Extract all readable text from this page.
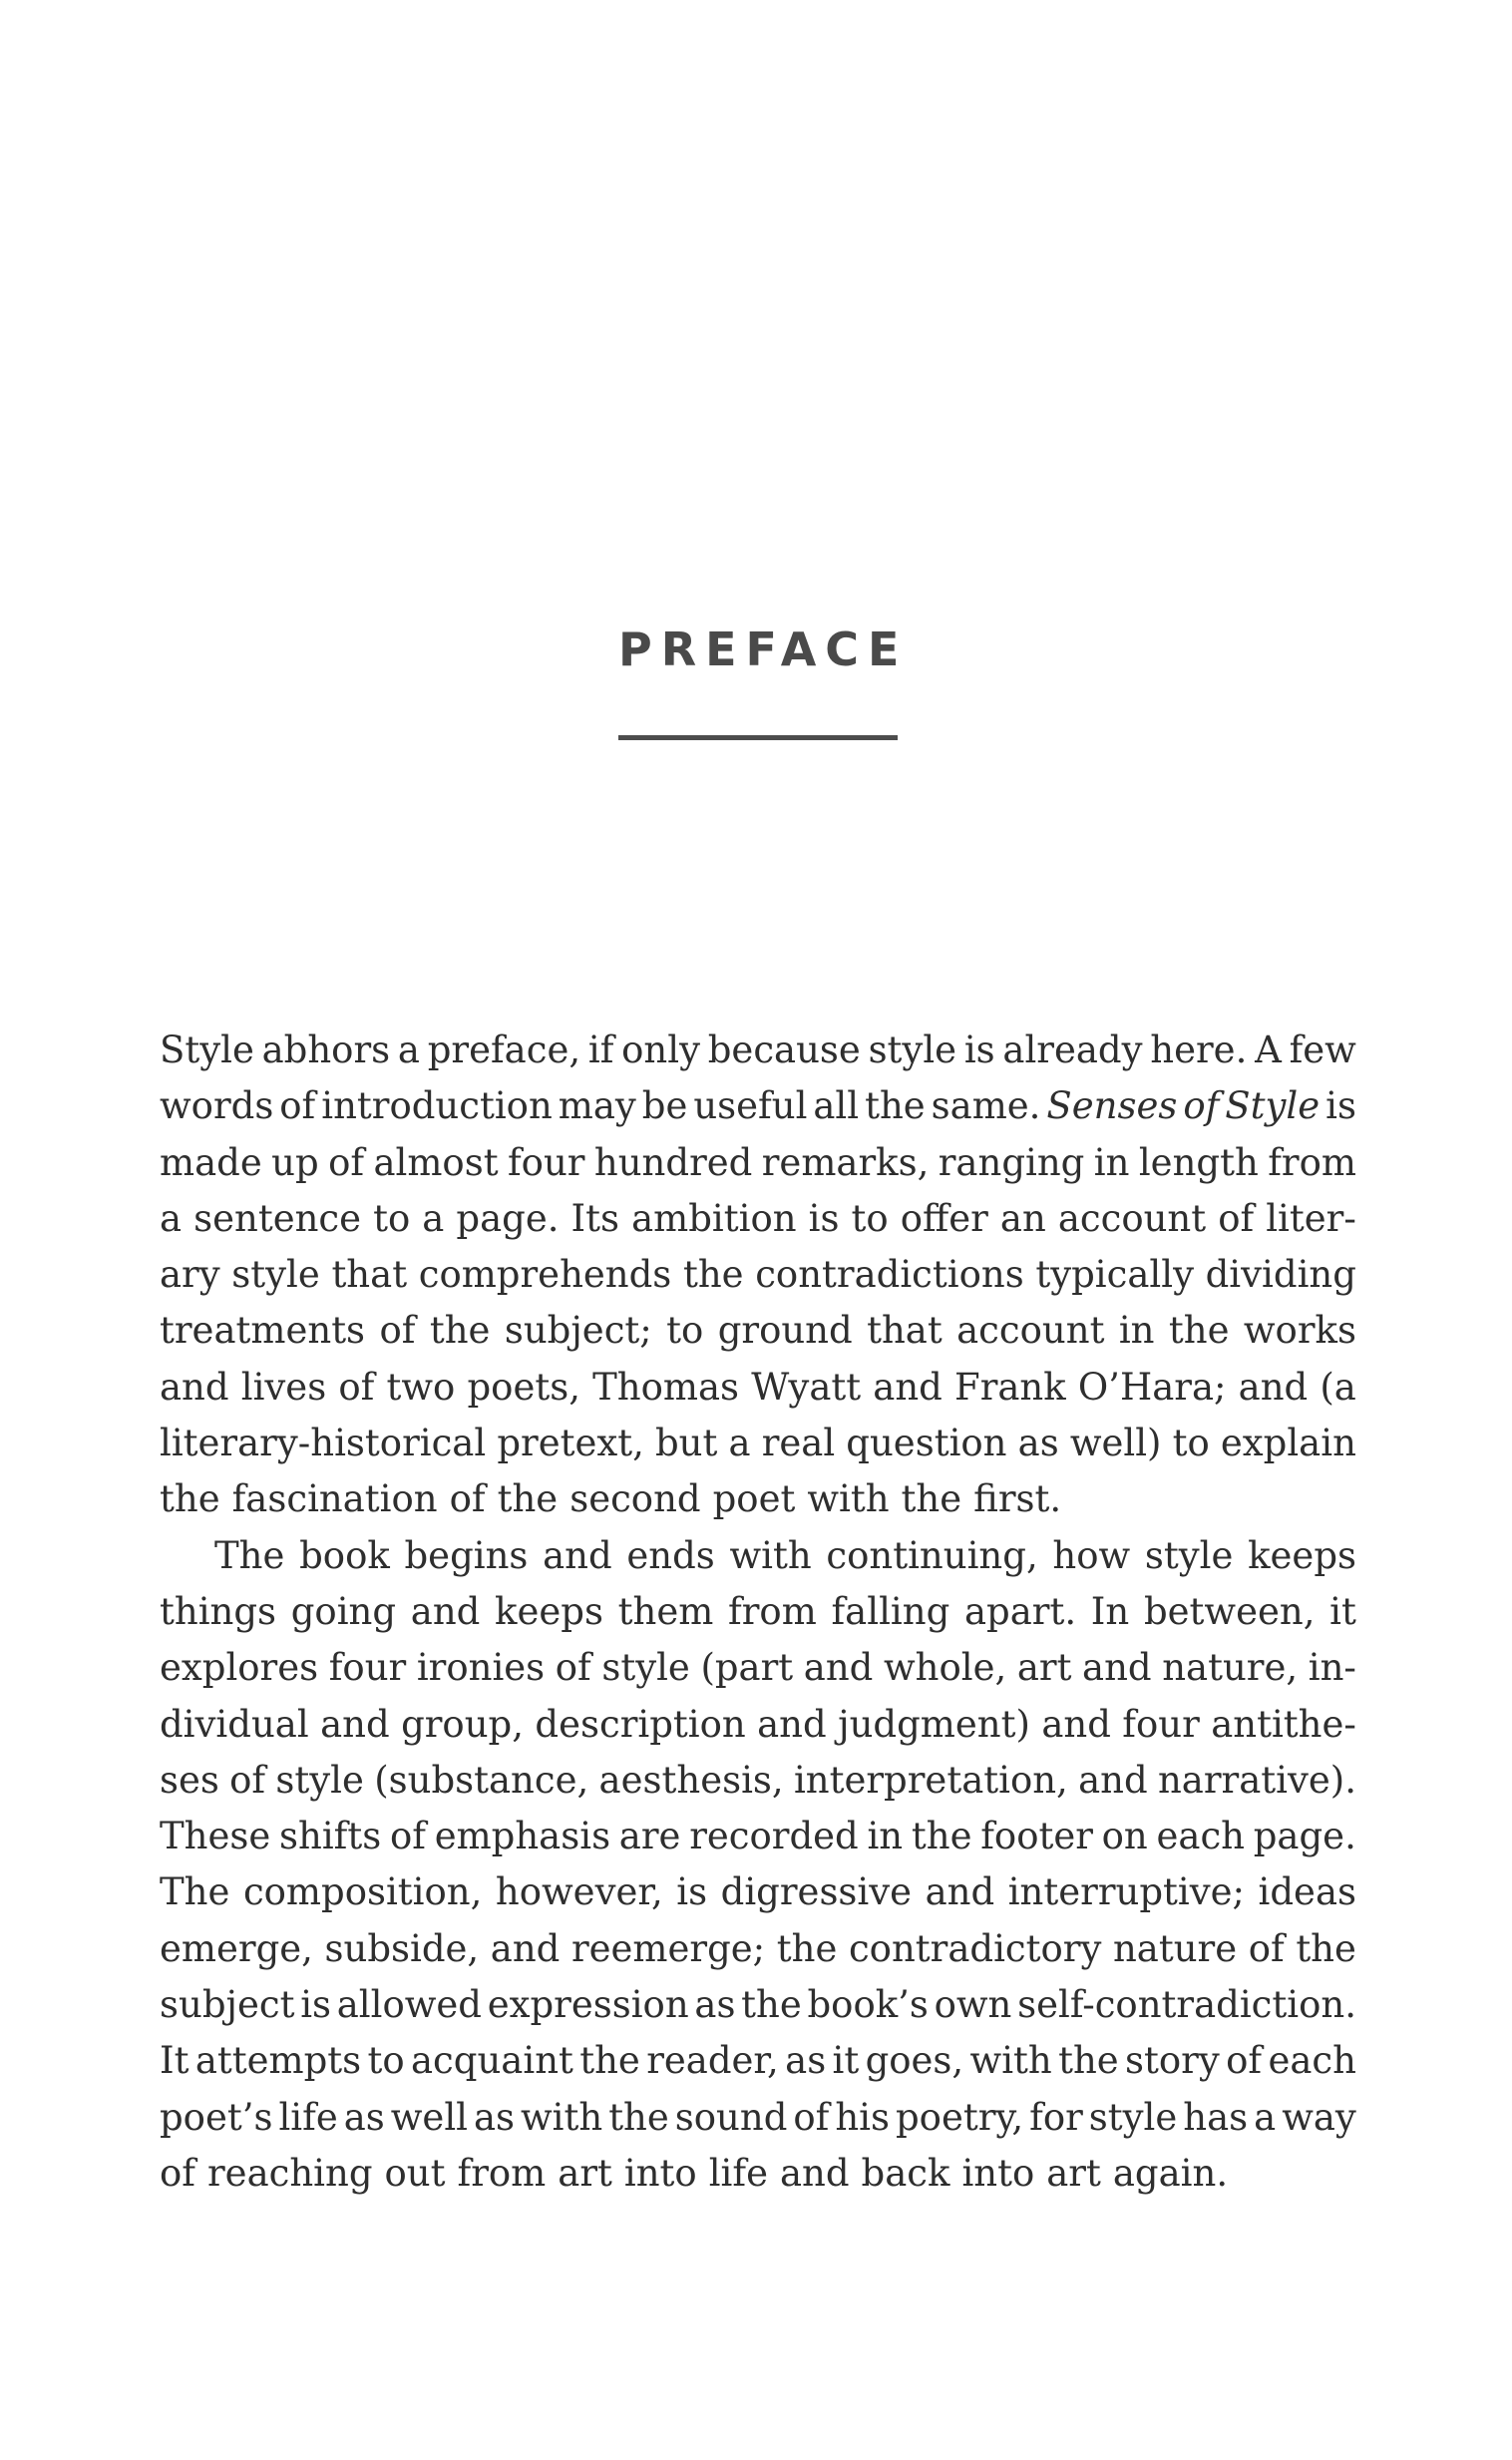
PREFACE
Style abhors a preface, if only because style is already here. A few
words of introduction may be useful all the same. Senses of Style is
made up of almost four hundred remarks, ranging in length from
a sentence to a page. Its ambition is to offer an account of liter-
ary style that comprehends the contradictions typically dividing
treatments of the subject; to ground that account in the works
and lives of two poets, Thomas Wyatt and Frank O’Hara; and (a
literary-historical pretext, but a real question as well) to explain
the fascination of the second poet with the first.
The book begins and ends with continuing, how style keeps
things going and keeps them from falling apart. In between, it
explores four ironies of style (part and whole, art and nature, in-
dividual and group, description and judgment) and four antithe-
ses of style (substance, aesthesis, interpretation, and narrative).
These shifts of emphasis are recorded in the footer on each page.
The composition, however, is digressive and interruptive; ideas
emerge, subside, and reemerge; the contradictory nature of the
subject is allowed expression as the book’s own self-contradiction.
It attempts to acquaint the reader, as it goes, with the story of each
poet’s life as well as with the sound of his poetry, for style has a way
of reaching out from art into life and back into art again.
